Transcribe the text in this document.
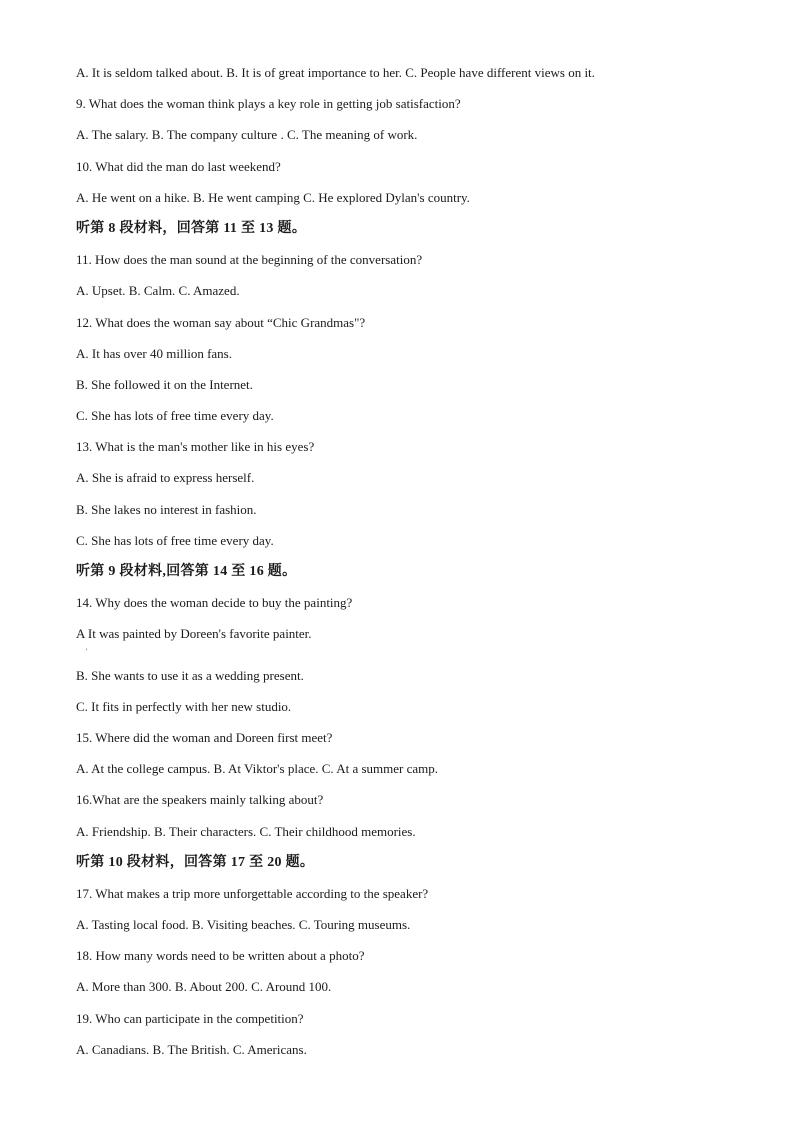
A. It is seldom talked about. B. It is of great importance to her. C. People have different views on it.
9. What does the woman think plays a key role in getting job satisfaction?
A. The salary. B. The company culture . C. The meaning of work.
10. What did the man do last weekend?
A. He went on a hike. B. He went camping C. He explored Dylan's country.
听第 8 段材料，回答第 11 至 13 题。
11. How does the man sound at the beginning of the conversation?
A. Upset. B. Calm. C. Amazed.
12. What does the woman say about “Chic Grandmas"?
A. It has over 40 million fans.
B. She followed it on the Internet.
C. She has lots of free time every day.
13. What is the man's mother like in his eyes?
A. She is afraid to express herself.
B. She lakes no interest in fashion.
C. She has lots of free time every day.
听第 9 段材料,回答第 14 至 16 题。
14. Why does the woman decide to buy the painting?
A It was painted by Doreen's favorite painter.
'
B. She wants to use it as a wedding present.
C. It fits in perfectly with her new studio.
15. Where did the woman and Doreen first meet?
A. At the college campus. B. At Viktor's place. C. At a summer camp.
16.What are the speakers mainly talking about?
A. Friendship. B. Their characters. C. Their childhood memories.
听第 10 段材料，回答第 17 至 20 题。
17. What makes a trip more unforgettable according to the speaker?
A. Tasting local food. B. Visiting beaches. C. Touring museums.
18. How many words need to be written about a photo?
A. More than 300. B. About 200. C. Around 100.
19. Who can participate in the competition?
A. Canadians. B. The British. C. Americans.
